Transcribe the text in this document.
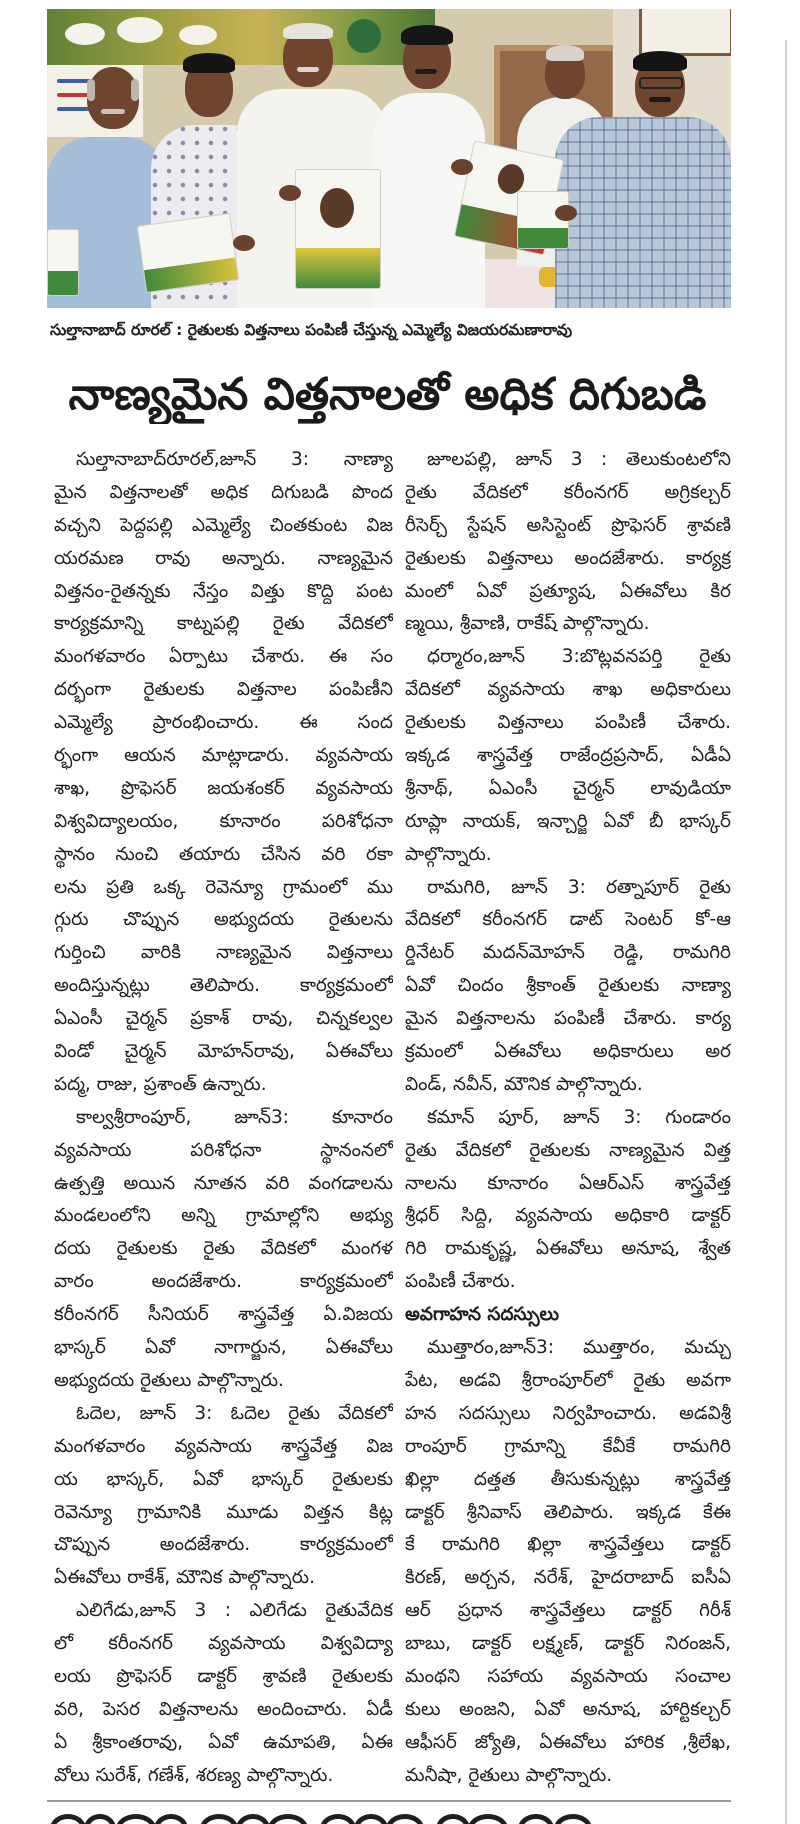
సుల్తానాబాద్ రూరల్ : రైతులకు విత్తనాలు పంపిణీ చేస్తున్న ఎమ్మెల్యే విజయరమణారావు
నాణ్యమైన విత్తనాలతో అధిక దిగుబడి
సుల్తానాబాద్‌రూరల్‌,జూన్‌ 3: నాణ్యా
మైన విత్తనాలతో అధిక దిగుబడి పొంద
వచ్చని పెద్దపల్లి ఎమ్మెల్యే చింతకుంట విజ
యరమణ రావు అన్నారు. నాణ్యమైన
విత్తనం-రైతన్నకు నేస్తం విత్తు కొద్ది పంట
కార్యక్రమాన్ని కాట్నపల్లి రైతు వేదికలో
మంగళవారం ఏర్పాటు చేశారు. ఈ సం
దర్భంగా రైతులకు విత్తనాల పంపిణీని
ఎమ్మెల్యే ప్రారంభించారు. ఈ సంద
ర్భంగా ఆయన మాట్లాడారు. వ్యవసాయ
శాఖ, ప్రొఫెసర్ జయశంకర్ వ్యవసాయ
విశ్వవిద్యాలయం, కూనారం పరిశోధనా
స్థానం నుంచి తయారు చేసిన వరి రకా
లను ప్రతి ఒక్క రెవెన్యూ గ్రామంలో ము
గ్గురు చొప్పున అభ్యుదయ రైతులను
గుర్తించి వారికి నాణ్యమైన విత్తనాలు
అందిస్తున్నట్లు తెలిపారు. కార్యక్రమంలో
ఏఎంసీ చైర్మన్ ప్రకాశ్ రావు, చిన్నకల్వల
విండో చైర్మన్ మోహన్‌రావు, ఏఈవోలు
పద్మ, రాజు, ప్రశాంత్ ఉన్నారు.
కాల్వశ్రీరాంపూర్, జూన్3: కూనారం
వ్యవసాయ పరిశోధనా స్థానంనలో
ఉత్పత్తి అయిన నూతన వరి వంగడాలను
మండలంలోని అన్ని గ్రామాల్లోని అభ్యు
దయ రైతులకు రైతు వేదికలో మంగళ
వారం అందజేశారు. కార్యక్రమంలో
కరీంనగర్ సీనియర్ శాస్త్రవేత్త ఏ.విజయ
భాస్కర్ ఏవో నాగార్జున, ఏఈవోలు
అభ్యుదయ రైతులు పాల్గొన్నారు.
ఓదెల, జూన్ 3: ఓదెల రైతు వేదికలో
మంగళవారం వ్యవసాయ శాస్త్రవేత్త విజ
య భాస్కర్, ఏవో భాస్కర్ రైతులకు
రెవెన్యూ గ్రామానికి మూడు విత్తన కిట్ల
చొప్పున అందజేశారు. కార్యక్రమంలో
ఏఈవోలు రాకేశ్, మౌనిక పాల్గొన్నారు.
ఎలిగేడు,జూన్ 3 : ఎలిగేడు రైతువేదిక
లో కరీంనగర్ వ్యవసాయ విశ్వవిద్యా
లయ ప్రొఫెసర్ డాక్టర్ శ్రావణి రైతులకు
వరి, పెసర విత్తనాలను అందించారు. ఏడీ
ఏ శ్రీకాంతరావు, ఏవో ఉమాపతి, ఏఈ
వోలు సురేశ్, గణేశ్, శరణ్య పాల్గొన్నారు.
జూలపల్లి, జూన్ 3 : తెలుకుంటలోని
రైతు వేదికలో కరీంనగర్ అగ్రికల్చర్
రీసెర్చ్ స్టేషన్ అసిస్టెంట్ ప్రొఫెసర్ శ్రావణి
రైతులకు విత్తనాలు అందజేశారు. కార్యక్ర
మంలో ఏవో ప్రత్యూష, ఏఈవోలు కిర
ణ్మయి, శ్రీవాణి, రాకేష్ పాల్గొన్నారు.
ధర్మారం,జూన్ 3:బొట్లవనపర్తి రైతు
వేదికలో వ్యవసాయ శాఖ అధికారులు
రైతులకు విత్తనాలు పంపిణీ చేశారు.
ఇక్కడ శాస్త్రవేత్త రాజేంద్రప్రసాద్, ఏడీఏ
శ్రీనాథ్, ఏఎంసీ చైర్మన్ లావుడియా
రూప్లా నాయక్, ఇన్చార్జి ఏవో బీ భాస్కర్
పాల్గొన్నారు.
రామగిరి, జూన్ 3: రత్నాపూర్ రైతు
వేదికలో కరీంనగర్ డాట్ సెంటర్ కో-ఆ
ర్డినేటర్ మదన్‌మోహన్ రెడ్డి, రామగిరి
ఏవో చిందం శ్రీకాంత్ రైతులకు నాణ్యా
మైన విత్తనాలను పంపిణీ చేశారు. కార్య
క్రమంలో ఏఈవోలు అధికారులు అర
విండ్, నవీన్, మౌనిక పాల్గొన్నారు.
కమాన్ పూర్, జూన్ 3: గుండారం
రైతు వేదికలో రైతులకు నాణ్యమైన విత్త
నాలను కూనారం ఏఆర్ఎస్ శాస్త్రవేత్త
శ్రీధర్ సిద్ది, వ్యవసాయ అధికారి డాక్టర్
గిరి రామకృష్ణ, ఏఈవోలు అనూష, శ్వేత
పంపిణీ చేశారు.
అవగాహన సదస్సులు
ముత్తారం,జూన్3: ముత్తారం, మచ్చు
పేట, అడవి శ్రీరాంపూర్‌లో రైతు అవగా
హన సదస్సులు నిర్వహించారు. అడవిశ్రీ
రాంపూర్ గ్రామాన్ని కేవీకే రామగిరి
ఖిల్లా దత్తత తీసుకున్నట్లు శాస్త్రవేత్త
డాక్టర్ శ్రీనివాస్ తెలిపారు. ఇక్కడ కేఈ
కే రామగిరి ఖిల్లా శాస్త్రవేత్తలు డాక్టర్
కిరణ్, అర్చన, నరేశ్, హైదరాబాద్ ఐసీఏ
ఆర్ ప్రధాన శాస్త్రవేత్తలు డాక్టర్ గిరీశ్
బాబు, డాక్టర్ లక్ష్మణ్, డాక్టర్ నిరంజన్,
మంథని సహాయ వ్యవసాయ సంచాల
కులు అంజని, ఏవో అనూష, హార్టికల్చర్
ఆఫీసర్ జ్యోతి, ఏఈవోలు హారిక ,శ్రీలేఖ,
మనీషా, రైతులు పాల్గొన్నారు.
